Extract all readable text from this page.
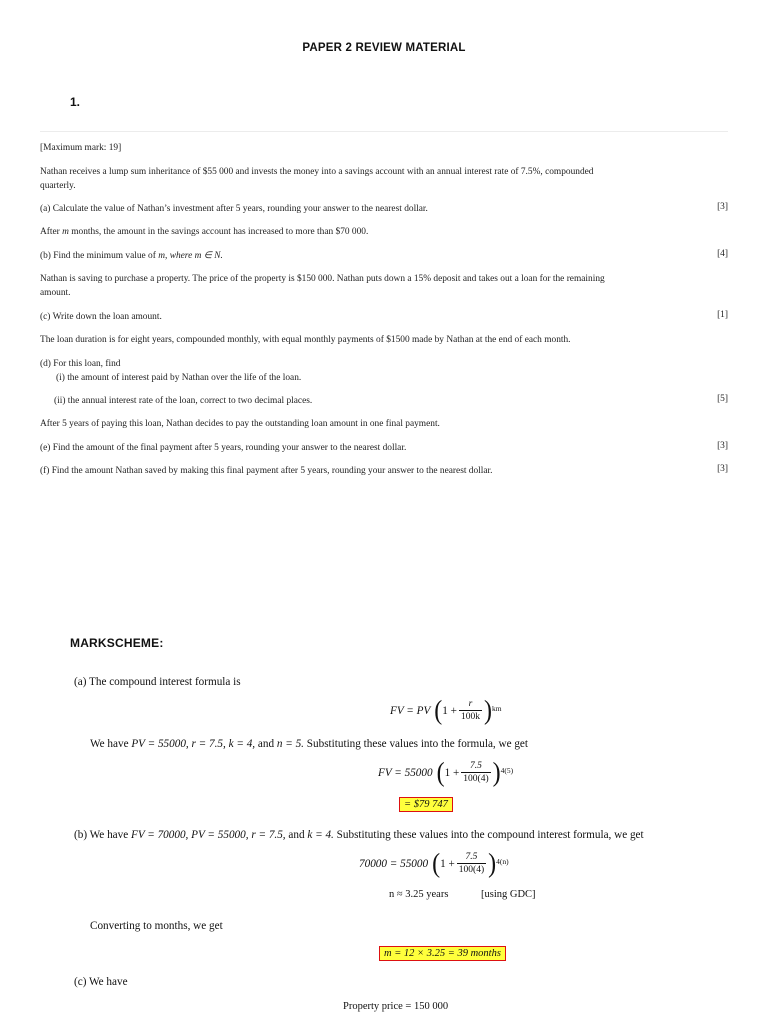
PAPER 2 REVIEW MATERIAL
1.
[Maximum mark: 19]
Nathan receives a lump sum inheritance of $55 000 and invests the money into a savings account with an annual interest rate of 7.5%, compounded
quarterly.
(a) Calculate the value of Nathan’s investment after 5 years, rounding your answer to the nearest dollar.	[3]
After m months, the amount in the savings account has increased to more than $70 000.
(b) Find the minimum value of m, where m ∈ N.	[4]
Nathan is saving to purchase a property. The price of the property is $150 000. Nathan puts down a 15% deposit and takes out a loan for the remaining
amount.
(c) Write down the loan amount.	[1]
The loan duration is for eight years, compounded monthly, with equal monthly payments of $1500 made by Nathan at the end of each month.
(d) For this loan, find
(i) the amount of interest paid by Nathan over the life of the loan.
(ii) the annual interest rate of the loan, correct to two decimal places.	[5]
After 5 years of paying this loan, Nathan decides to pay the outstanding loan amount in one final payment.
(e) Find the amount of the final payment after 5 years, rounding your answer to the nearest dollar.	[3]
(f) Find the amount Nathan saved by making this final payment after 5 years, rounding your answer to the nearest dollar.	[3]
MARKSCHEME:
(a) The compound interest formula is
FV = PV ( $1 + \frac{r}{100k}$ ) km
We have PV = 55000, r = 7.5, k = 4, and n = 5. Substituting these values into the formula, we get
FV = 55000 ( $1 + \frac{7.5}{100(4)}$ ) 4(5)
= $79 747
(b) We have FV = 70000, PV = 55000, r = 7.5, and k = 4. Substituting these values into the compound interest formula, we get
70000 = 55000 ( $1 + \frac{7.5}{100(4)}$ ) 4(n)
n ≈ 3.25 years	[using GDC]
Converting to months, we get
m = 12 × 3.25 = 39 months
(c) We have
Property price = 150 000
